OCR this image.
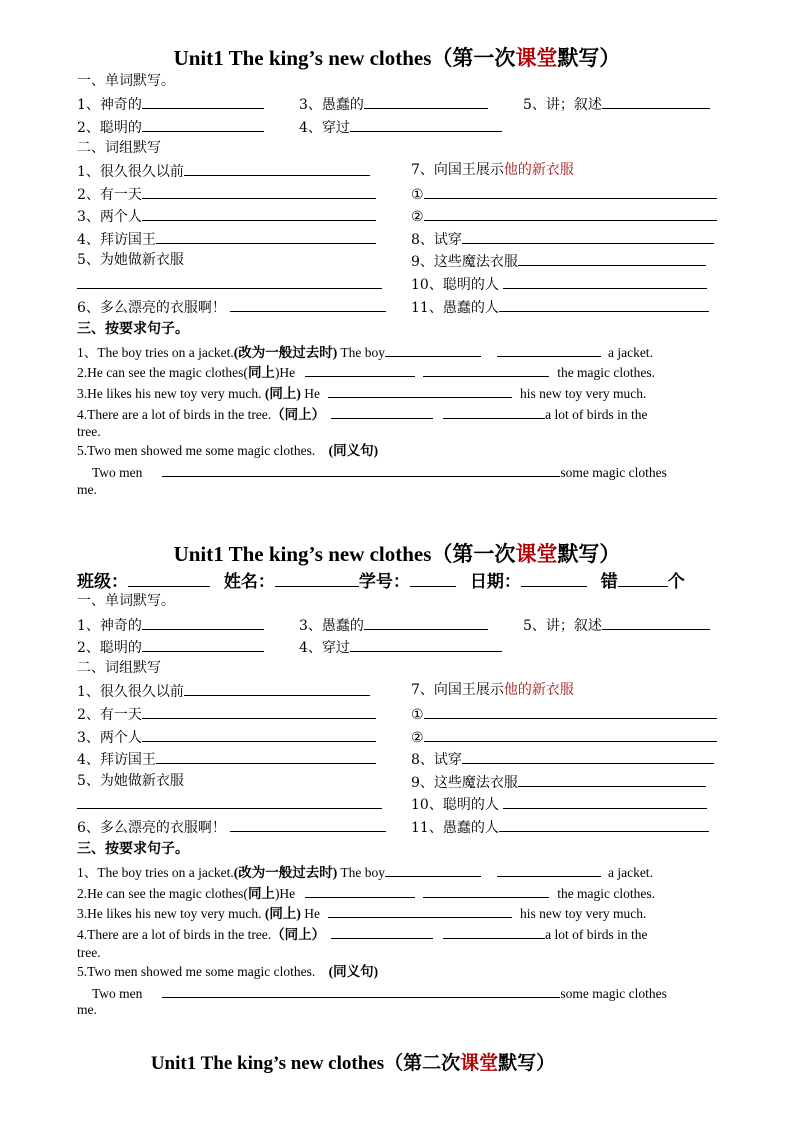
Unit1 The king’s new clothes（第一次课堂默写）
一、单词默写。
1、神奇的	3、愚蠢的	5、讲；叙述
2、聪明的	4、穿过
二、词组默写
1、很久很久以前	7、向国王展示他的新衣服
2、有一天	①
3、两个人	②
4、拜访国王	8、试穿
5、为她做新衣服	9、这些魔法衣服
10、聪明的人
6、多么漂亮的衣服啊！	11、愚蠢的人
三、按要求句子。
1、The boy tries on a jacket.(改为一般过去时) The boy	a jacket.
2.He can see the magic clothes(同上)He	the magic clothes.
3.He likes his new toy very much. (同上) He	his new toy very much.
4.There are a lot of birds in the tree.（同上）	a lot of birds in the
tree.
5.Two men showed me some magic clothes. (同义句)
Two men	some magic clothes
me.
Unit1 The king’s new clothes（第一次课堂默写）
班级：	姓名：	学号：	日期：	错	个
一、单词默写。
1、神奇的	3、愚蠢的	5、讲；叙述
2、聪明的	4、穿过
二、词组默写
1、很久很久以前	7、向国王展示他的新衣服
2、有一天	①
3、两个人	②
4、拜访国王	8、试穿
5、为她做新衣服	9、这些魔法衣服
10、聪明的人
6、多么漂亮的衣服啊！	11、愚蠢的人
三、按要求句子。
1、The boy tries on a jacket.(改为一般过去时) The boy	a jacket.
2.He can see the magic clothes(同上)He	the magic clothes.
3.He likes his new toy very much. (同上) He	his new toy very much.
4.There are a lot of birds in the tree.（同上）	a lot of birds in the
tree.
5.Two men showed me some magic clothes. (同义句)
Two men	some magic clothes
me.
Unit1 The king’s new clothes（第二次课堂默写）
